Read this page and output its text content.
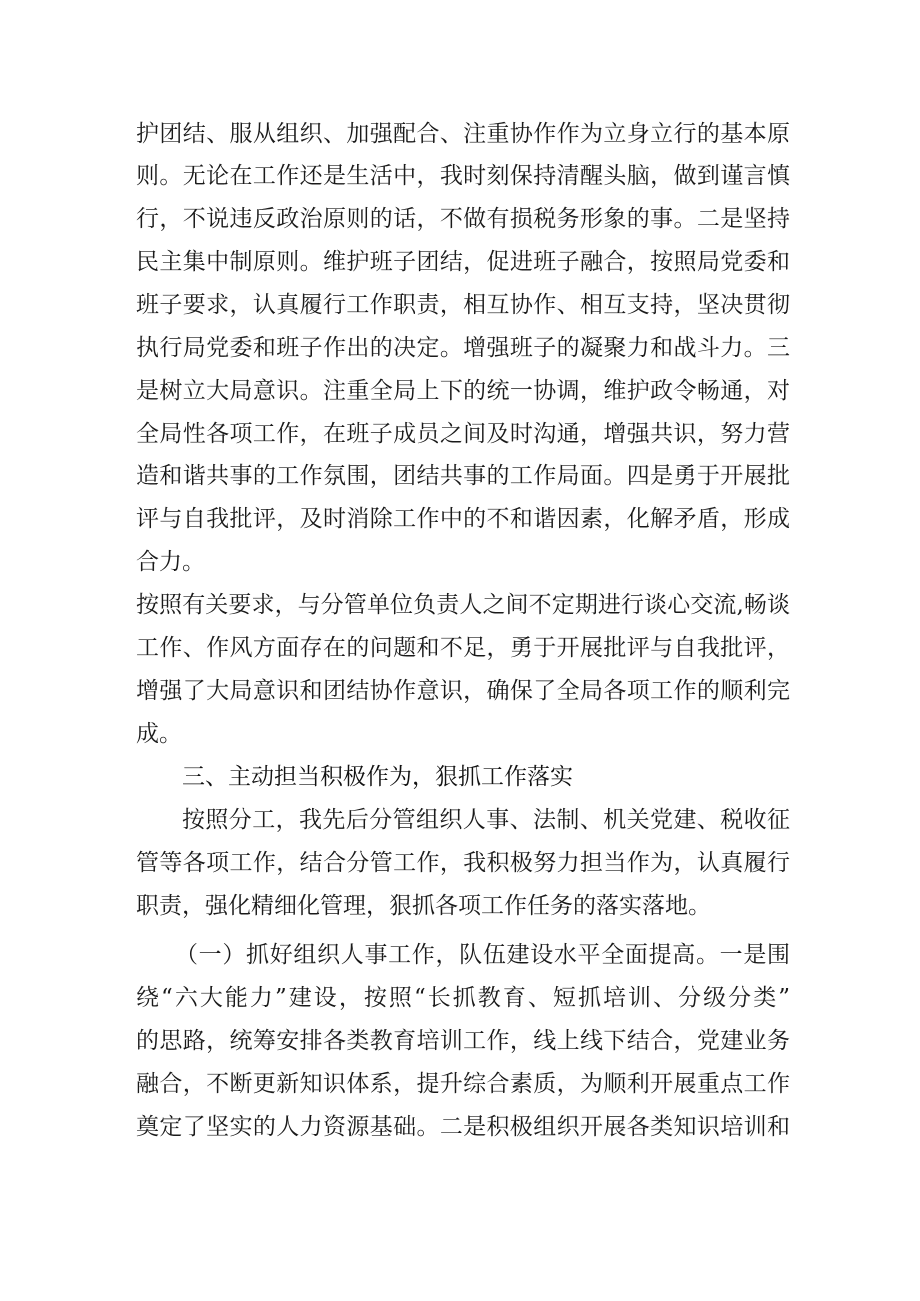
护团结、服从组织、加强配合、注重协作作为立身立行的基本原
则。无论在工作还是生活中，我时刻保持清醒头脑，做到谨言慎
行，不说违反政治原则的话，不做有损税务形象的事。二是坚持
民主集中制原则。维护班子团结，促进班子融合，按照局党委和
班子要求，认真履行工作职责，相互协作、相互支持，坚决贯彻
执行局党委和班子作出的决定。增强班子的凝聚力和战斗力。三
是树立大局意识。注重全局上下的统一协调，维护政令畅通，对
全局性各项工作，在班子成员之间及时沟通，增强共识，努力营
造和谐共事的工作氛围，团结共事的工作局面。四是勇于开展批
评与自我批评，及时消除工作中的不和谐因素，化解矛盾，形成
合力。
按照有关要求，与分管单位负责人之间不定期进行谈心交流,畅谈
工作、作风方面存在的问题和不足，勇于开展批评与自我批评，
增强了大局意识和团结协作意识，确保了全局各项工作的顺利完
成。
三、主动担当积极作为，狠抓工作落实
按照分工，我先后分管组织人事、法制、机关党建、税收征
管等各项工作，结合分管工作，我积极努力担当作为，认真履行
职责，强化精细化管理，狠抓各项工作任务的落实落地。
（一）抓好组织人事工作，队伍建设水平全面提高。一是围
绕“六大能力”建设，按照“长抓教育、短抓培训、分级分类”
的思路，统筹安排各类教育培训工作，线上线下结合，党建业务
融合，不断更新知识体系，提升综合素质，为顺利开展重点工作
奠定了坚实的人力资源基础。二是积极组织开展各类知识培训和
